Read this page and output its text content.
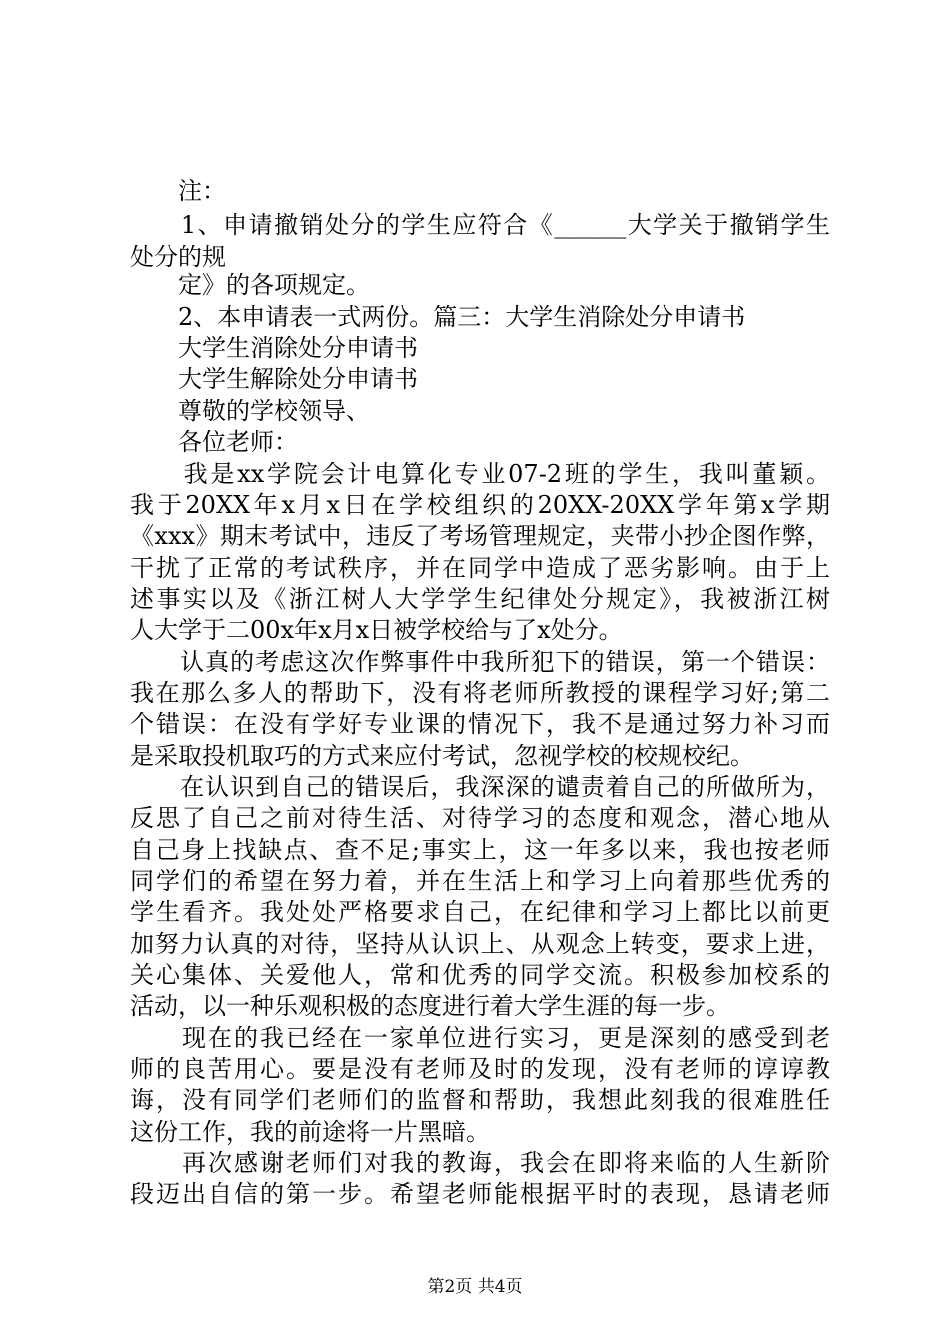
　　注：
　　1、申请撤销处分的学生应符合《______大学关于撤销学生
处分的规
　　定》的各项规定。
　　2、本申请表一式两份。篇三：大学生消除处分申请书
　　大学生消除处分申请书
　　大学生解除处分申请书
　　尊敬的学校领导、
　　各位老师：
　　我是xx学院会计电算化专业07-2班的学生，我叫董颖。
我于20XX年x月x日在学校组织的20XX-20XX学年第x学期
《xxx》期末考试中，违反了考场管理规定，夹带小抄企图作弊，
干扰了正常的考试秩序，并在同学中造成了恶劣影响。由于上
述事实以及《浙江树人大学学生纪律处分规定》，我被浙江树
人大学于二00x年x月x日被学校给与了x处分。
　　认真的考虑这次作弊事件中我所犯下的错误，第一个错误：
我在那么多人的帮助下，没有将老师所教授的课程学习好;第二
个错误：在没有学好专业课的情况下，我不是通过努力补习而
是采取投机取巧的方式来应付考试，忽视学校的校规校纪。
　　在认识到自己的错误后，我深深的谴责着自己的所做所为，
反思了自己之前对待生活、对待学习的态度和观念，潜心地从
自己身上找缺点、查不足;事实上，这一年多以来，我也按老师
同学们的希望在努力着，并在生活上和学习上向着那些优秀的
学生看齐。我处处严格要求自己，在纪律和学习上都比以前更
加努力认真的对待，坚持从认识上、从观念上转变，要求上进，
关心集体、关爱他人，常和优秀的同学交流。积极参加校系的
活动，以一种乐观积极的态度进行着大学生涯的每一步。
　　现在的我已经在一家单位进行实习，更是深刻的感受到老
师的良苦用心。要是没有老师及时的发现，没有老师的谆谆教
诲，没有同学们老师们的监督和帮助，我想此刻我的很难胜任
这份工作，我的前途将一片黑暗。
　　再次感谢老师们对我的教诲，我会在即将来临的人生新阶
段迈出自信的第一步。希望老师能根据平时的表现，恳请老师
第2页 共4页
